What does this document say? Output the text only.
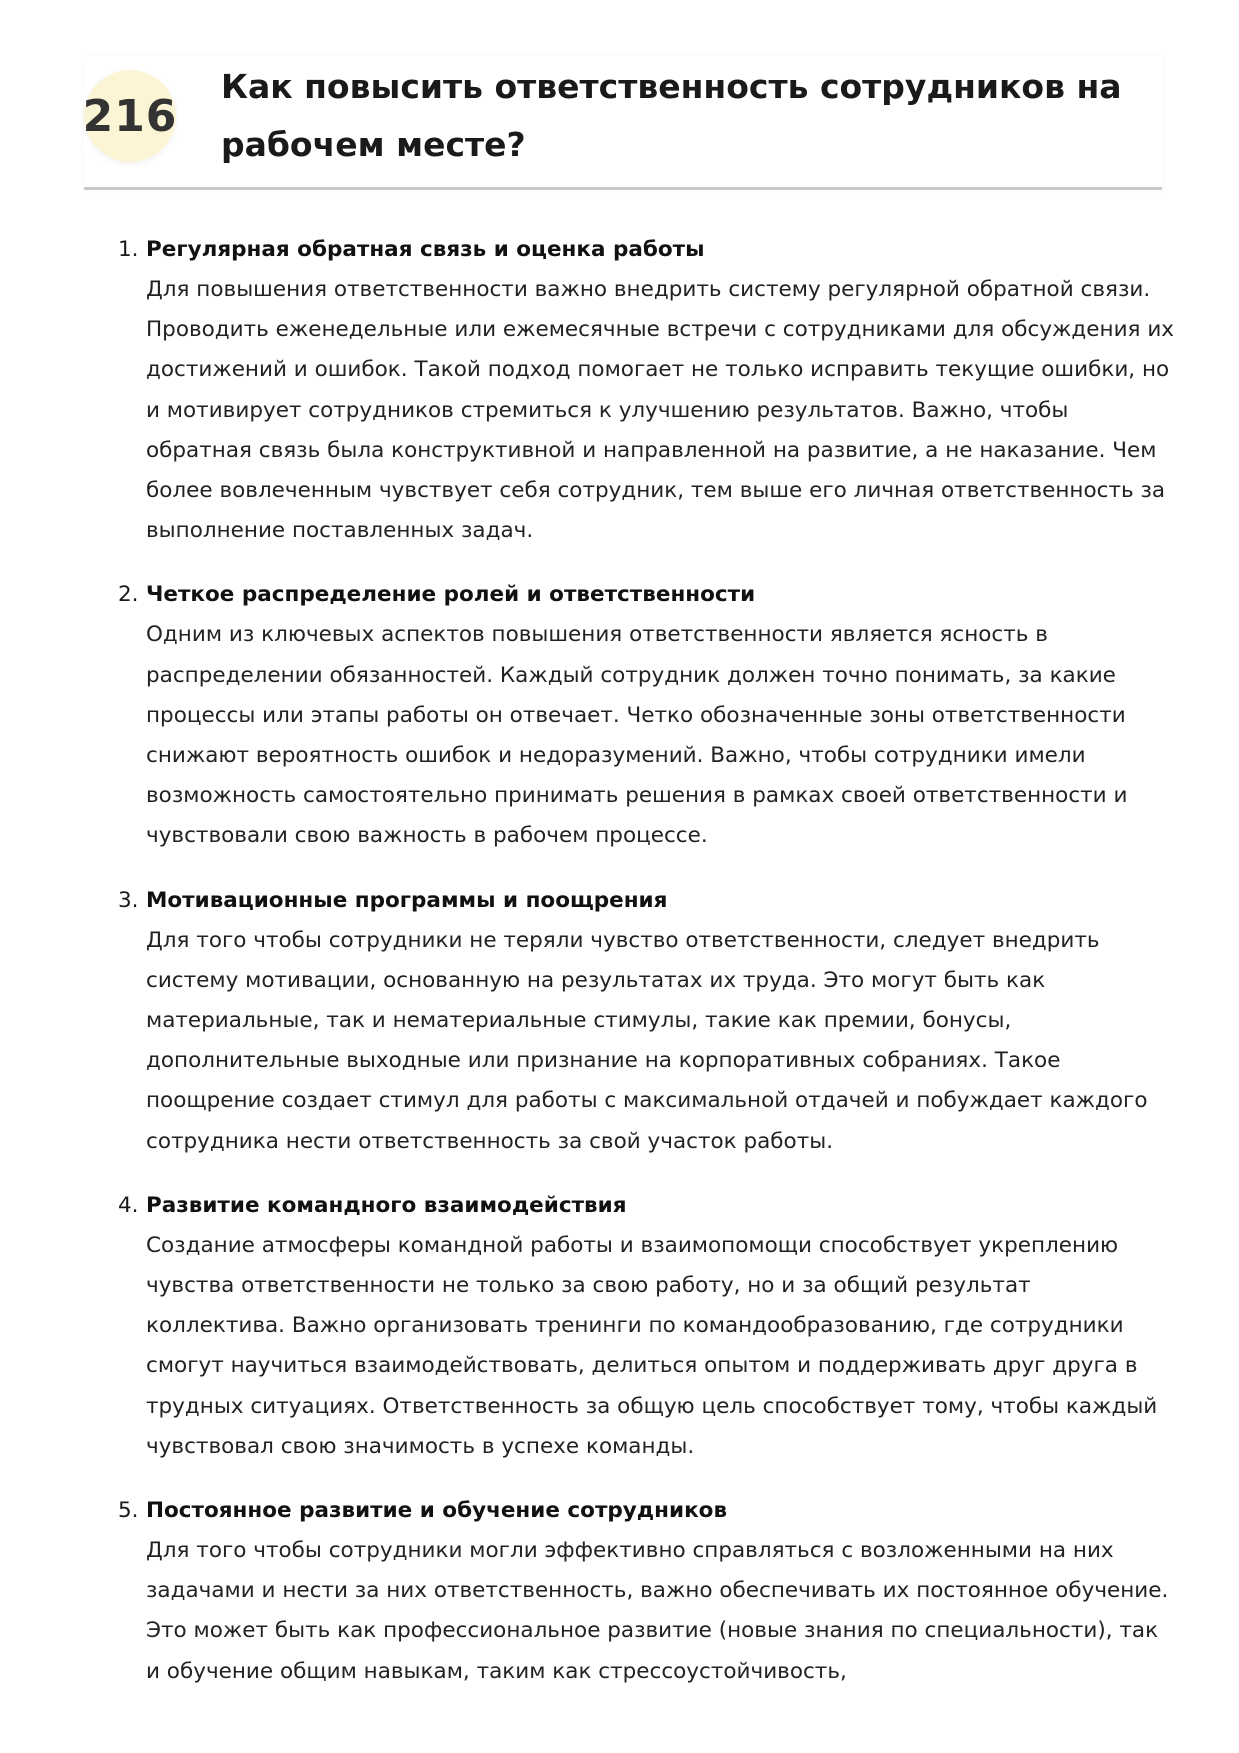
216
Как повысить ответственность сотрудников на
рабочем месте?
1. Регулярная обратная связь и оценка работы
Для повышения ответственности важно внедрить систему регулярной обратной связи. Проводить еженедельные или ежемесячные встречи с сотрудниками для обсуждения их достижений и ошибок. Такой подход помогает не только исправить текущие ошибки, но и мотивирует сотрудников стремиться к улучшению результатов. Важно, чтобы обратная связь была конструктивной и направленной на развитие, а не наказание. Чем более вовлеченным чувствует себя сотрудник, тем выше его личная ответственность за выполнение поставленных задач.
2. Четкое распределение ролей и ответственности
Одним из ключевых аспектов повышения ответственности является ясность в распределении обязанностей. Каждый сотрудник должен точно понимать, за какие процессы или этапы работы он отвечает. Четко обозначенные зоны ответственности снижают вероятность ошибок и недоразумений. Важно, чтобы сотрудники имели возможность самостоятельно принимать решения в рамках своей ответственности и чувствовали свою важность в рабочем процессе.
3. Мотивационные программы и поощрения
Для того чтобы сотрудники не теряли чувство ответственности, следует внедрить систему мотивации, основанную на результатах их труда. Это могут быть как материальные, так и нематериальные стимулы, такие как премии, бонусы, дополнительные выходные или признание на корпоративных собраниях. Такое поощрение создает стимул для работы с максимальной отдачей и побуждает каждого сотрудника нести ответственность за свой участок работы.
4. Развитие командного взаимодействия
Создание атмосферы командной работы и взаимопомощи способствует укреплению чувства ответственности не только за свою работу, но и за общий результат коллектива. Важно организовать тренинги по командообразованию, где сотрудники смогут научиться взаимодействовать, делиться опытом и поддерживать друг друга в трудных ситуациях. Ответственность за общую цель способствует тому, чтобы каждый чувствовал свою значимость в успехе команды.
5. Постоянное развитие и обучение сотрудников
Для того чтобы сотрудники могли эффективно справляться с возложенными на них задачами и нести за них ответственность, важно обеспечивать их постоянное обучение. Это может быть как профессиональное развитие (новые знания по специальности), так и обучение общим навыкам, таким как стрессоустойчивость,
